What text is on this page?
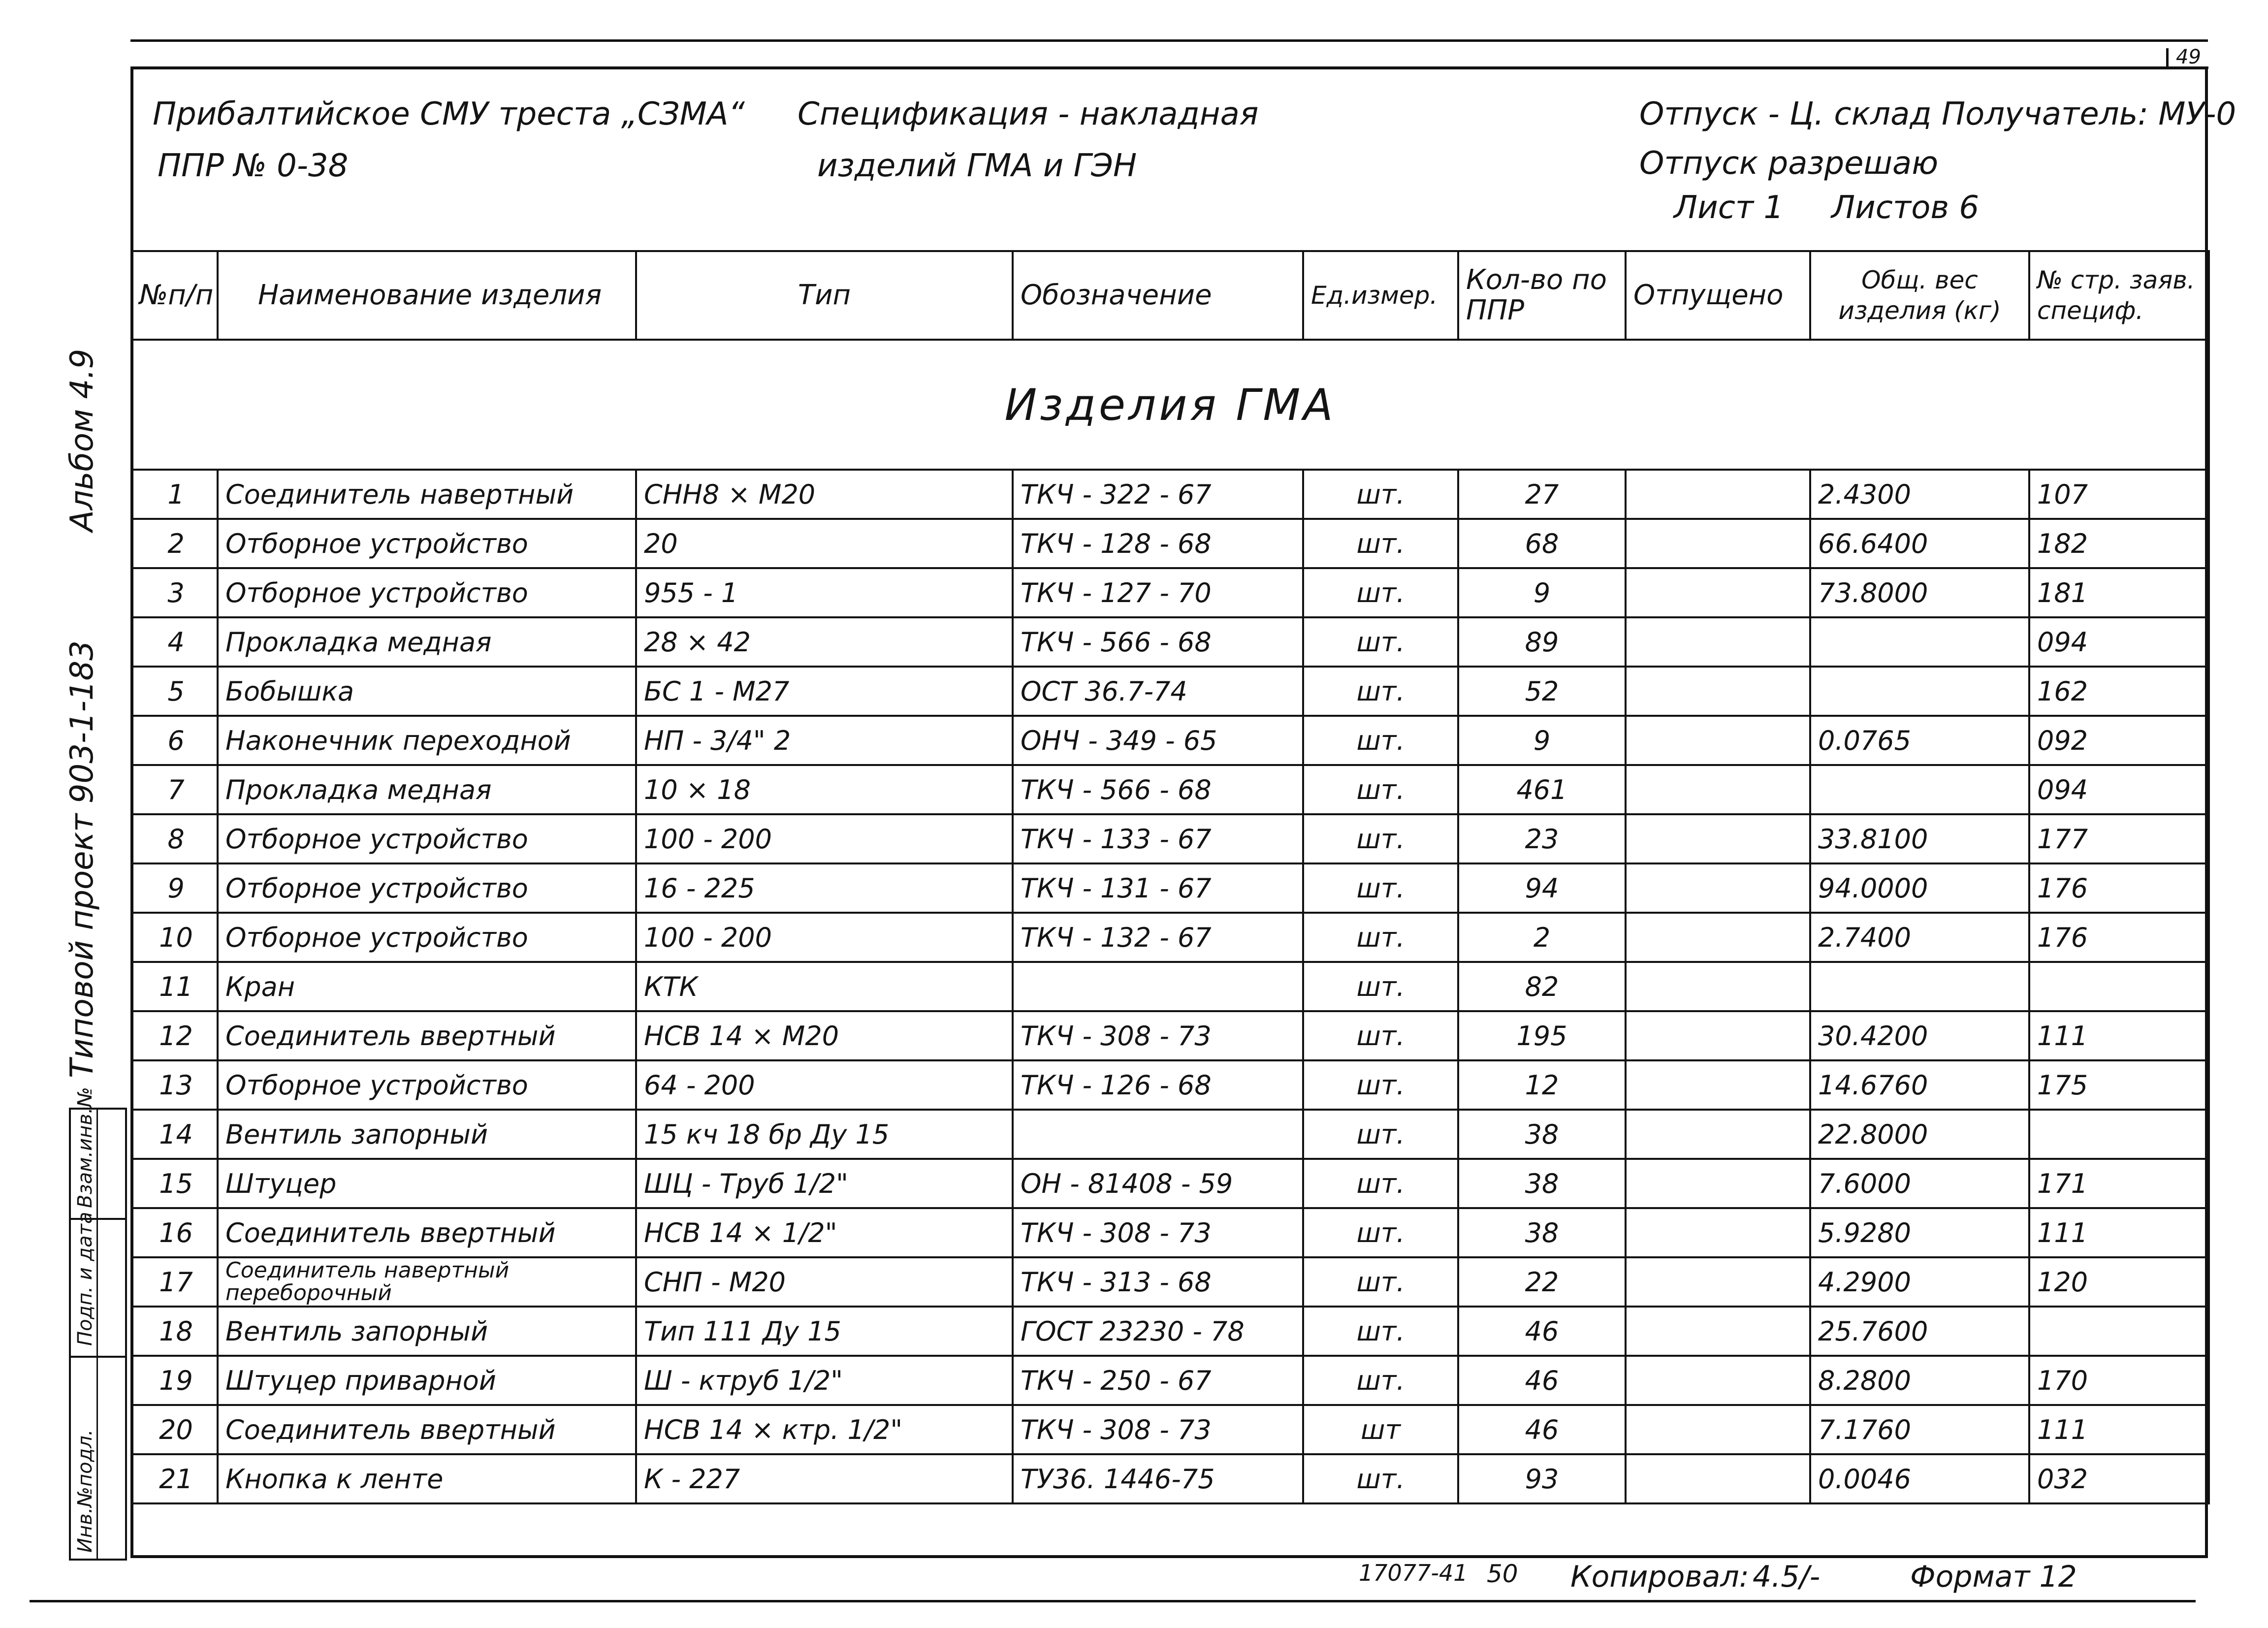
49
Прибалтийское СМУ треста „СЗМА“
ППР № 0-38
Спецификация - накладная
изделий ГМА и ГЭН
Отпуск - Ц. склад Получатель: МУ-0
Отпуск разрешаю
Лист 1 Листов 6
Альбом 4.9
Типовой проект 903-1-183
Взам.инв.№
Подп. и дата
Инв.№подл.
№п/п	Наименование изделия	Тип	Обозначение	Ед.измер.	Кол-во по ППР	Отпущено	Общ. вес изделия (кг)	№ стр. заяв. специф.
Изделия ГМА								
1	Соединитель навертный	СНН8 × М20	ТКЧ - 322 - 67	шт.	27		2.4300	107
2	Отборное устройство	20	ТКЧ - 128 - 68	шт.	68		66.6400	182
3	Отборное устройство	955 - 1	ТКЧ - 127 - 70	шт.	9		73.8000	181
4	Прокладка медная	28 × 42	ТКЧ - 566 - 68	шт.	89			094
5	Бобышка	БС 1 - М27	ОСТ 36.7-74	шт.	52			162
6	Наконечник переходной	НП - 3/4" 2	ОНЧ - 349 - 65	шт.	9		0.0765	092
7	Прокладка медная	10 × 18	ТКЧ - 566 - 68	шт.	461			094
8	Отборное устройство	100 - 200	ТКЧ - 133 - 67	шт.	23		33.8100	177
9	Отборное устройство	16 - 225	ТКЧ - 131 - 67	шт.	94		94.0000	176
10	Отборное устройство	100 - 200	ТКЧ - 132 - 67	шт.	2		2.7400	176
11	Кран	КТК		шт.	82			
12	Соединитель ввертный	НСВ 14 × М20	ТКЧ - 308 - 73	шт.	195		30.4200	111
13	Отборное устройство	64 - 200	ТКЧ - 126 - 68	шт.	12		14.6760	175
14	Вентиль запорный	15 кч 18 бр Ду 15		шт.	38		22.8000	
15	Штуцер	ШЦ - Труб 1/2"	ОН - 81408 - 59	шт.	38		7.6000	171
16	Соединитель ввертный	НСВ 14 × 1/2"	ТКЧ - 308 - 73	шт.	38		5.9280	111
17	Соединитель навертный переборочный	СНП - М20	ТКЧ - 313 - 68	шт.	22		4.2900	120
18	Вентиль запорный	Тип 111 Ду 15	ГОСТ 23230 - 78	шт.	46		25.7600	
19	Штуцер приварной	Ш - ктруб 1/2"	ТКЧ - 250 - 67	шт.	46		8.2800	170
20	Соединитель ввертный	НСВ 14 × ктр. 1/2"	ТКЧ - 308 - 73	шт	46		7.1760	111
21	Кнопка к ленте	К - 227	ТУ36. 1446-75	шт.	93		0.0046	032
17077-41 50 Копировал: 4.5/-	Формат 12
